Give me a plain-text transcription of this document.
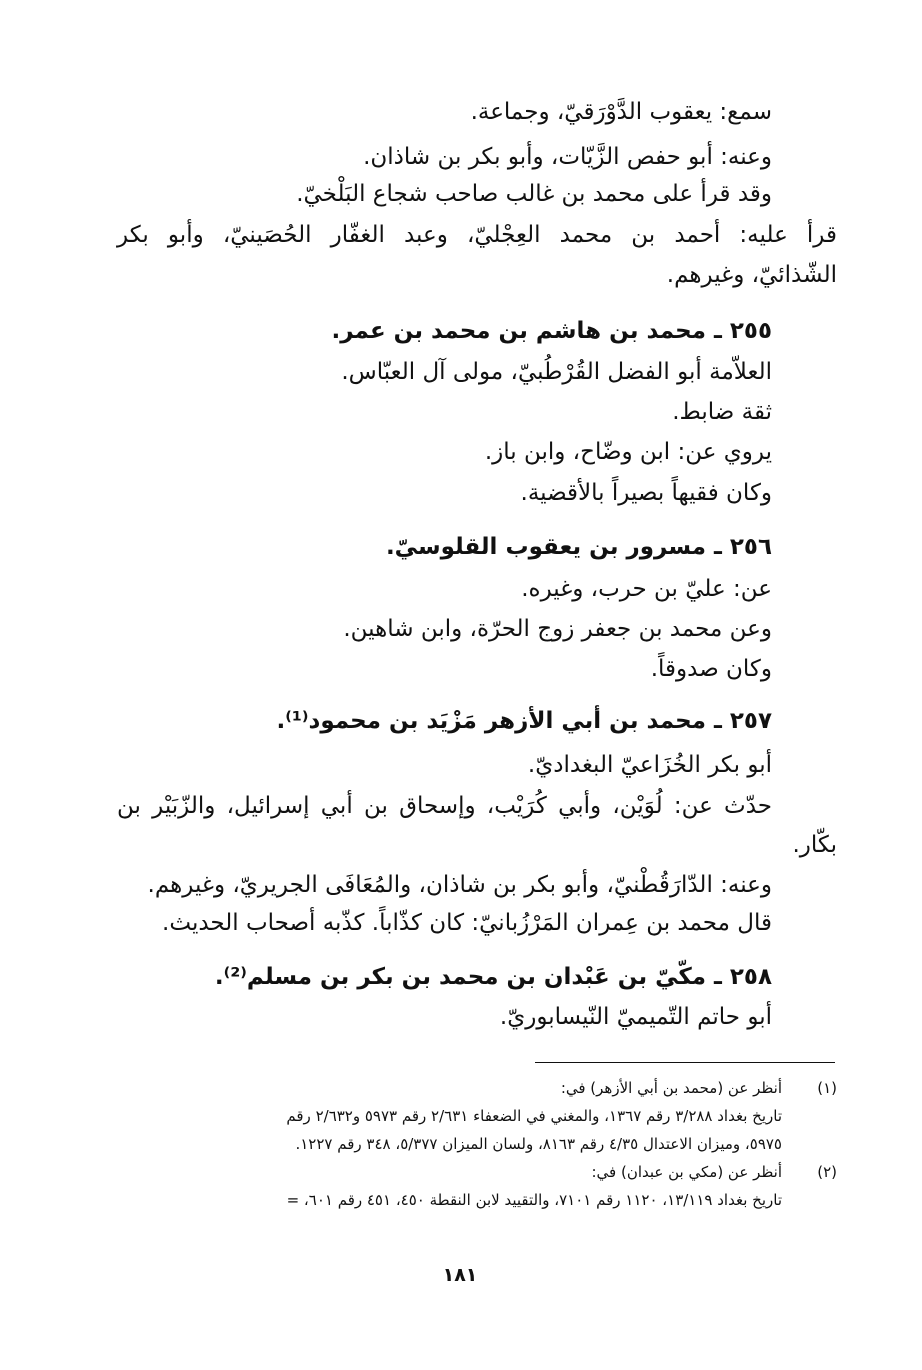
سمع: يعقوب الدَّوْرَقيّ، وجماعة.
وعنه: أبو حفص الزَّيّات، وأبو بكر بن شاذان.
وقد قرأ على محمد بن غالب صاحب شجاع البَلْخيّ.
قرأ عليه: أحمد بن محمد العِجْليّ، وعبد الغفّار الحُصَينيّ، وأبو بكر
الشّذائيّ، وغيرهم.
٢٥٥ ـ محمد بن هاشم بن محمد بن عمر.
العلاّمة أبو الفضل القُرْطُبيّ، مولى آل العبّاس.
ثقة ضابط.
يروي عن: ابن وضّاح، وابن باز.
وكان فقيهاً بصيراً بالأقضية.
٢٥٦ ـ مسرور بن يعقوب القلوسيّ.
عن: عليّ بن حرب، وغيره.
وعن محمد بن جعفر زوج الحرّة، وابن شاهين.
وكان صدوقاً.
٢٥٧ ـ محمد بن أبي الأزهر مَزْيَد بن محمود⁽¹⁾.
أبو بكر الخُزَاعيّ البغداديّ.
حدّث عن: لُوَيْن، وأبي كُرَيْب، وإسحاق بن أبي إسرائيل، والزّبَيْر بن
بكّار.
وعنه: الدّارَقُطْنيّ، وأبو بكر بن شاذان، والمُعَافَى الجريريّ، وغيرهم.
قال محمد بن عِمران المَرْزُبانيّ: كان كذّاباً. كذّبه أصحاب الحديث.
٢٥٨ ـ مكّيّ بن عَبْدان بن محمد بن بكر بن مسلم⁽²⁾.
أبو حاتم التّميميّ النّيسابوريّ.
(١)
أنظر عن (محمد بن أبي الأزهر) في:
تاريخ بغداد ٣/٢٨٨ رقم ١٣٦٧، والمغني في الضعفاء ٢/٦٣١ رقم ٥٩٧٣ و٢/٦٣٢ رقم
٥٩٧٥، وميزان الاعتدال ٤/٣٥ رقم ٨١٦٣، ولسان الميزان ٥/٣٧٧، ٣٤٨ رقم ١٢٢٧.
(٢)
أنظر عن (مكي بن عبدان) في:
تاريخ بغداد ١٣/١١٩، ١١٢٠ رقم ٧١٠١، والتقييد لابن النقطة ٤٥٠، ٤٥١ رقم ٦٠١، =
١٨١
